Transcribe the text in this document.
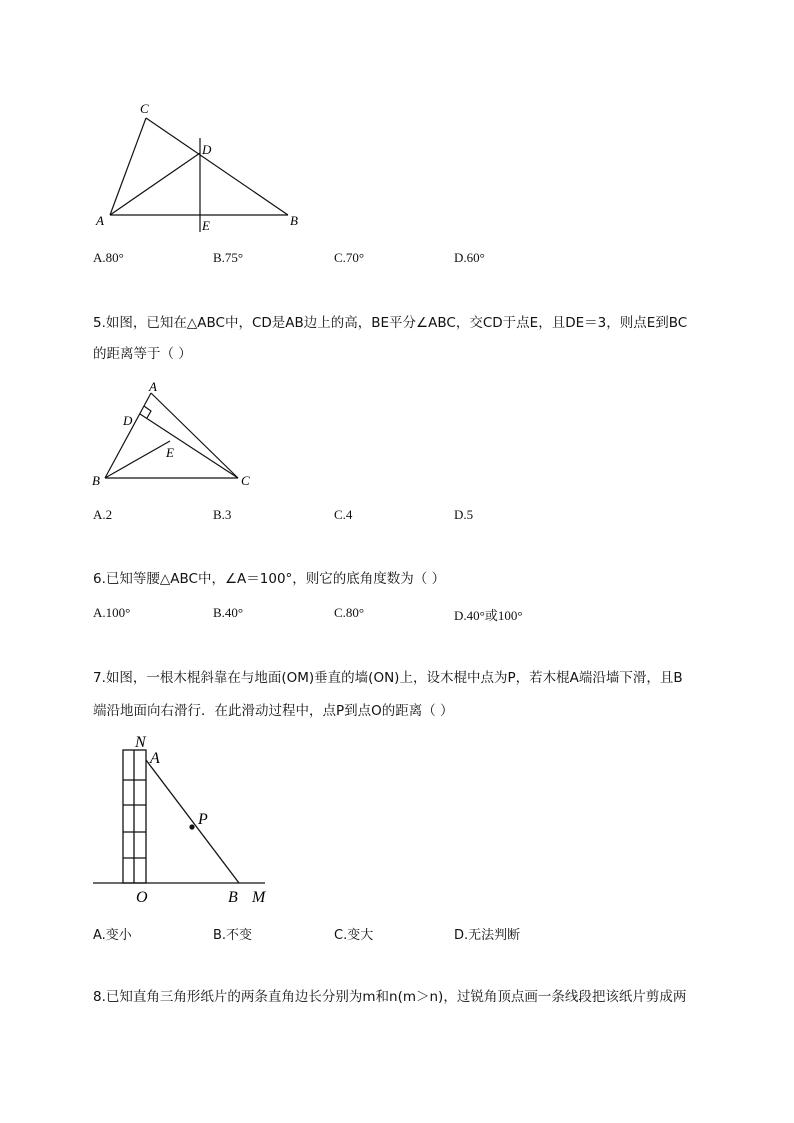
C
D
A	E	B
A.80°	B.75°	C.70°	D.60°
5.如图，已知在△ABC中，CD是AB边上的高，BE平分∠ABC，交CD于点E，且DE＝3，则点E到BC
的距离等于（ ）
A
D
E
B	C
A.2	B.3	C.4	D.5
6.已知等腰△ABC中，∠A＝100°，则它的底角度数为（ ）
A.100°	B.40°	C.80°	D.40°或100°
7.如图，一根木棍斜靠在与地面(OM)垂直的墙(ON)上，设木棍中点为P，若木棍A端沿墙下滑，且B
端沿地面向右滑行．在此滑动过程中，点P到点O的距离（ ）
N
A
P
O	B M
A.变小	B.不变	C.变大	D.无法判断
8.已知直角三角形纸片的两条直角边长分别为m和n(m＞n)，过锐角顶点画一条线段把该纸片剪成两
